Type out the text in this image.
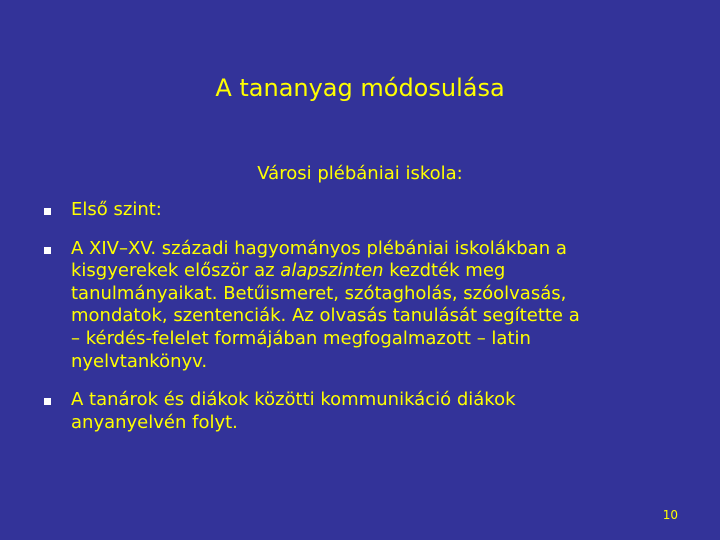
A tananyag módosulása
Városi plébániai iskola:
Első szint:
A XIV–XV. századi hagyományos plébániai iskolákban a
kisgyerekek először az alapszinten kezdték meg
tanulmányaikat. Betűismeret, szótagholás, szóolvasás,
mondatok, szentenciák. Az olvasás tanulását segítette a
– kérdés-felelet formájában megfogalmazott – latin
nyelvtankönyv.
A tanárok és diákok közötti kommunikáció diákok
anyanyelvén folyt.
10
